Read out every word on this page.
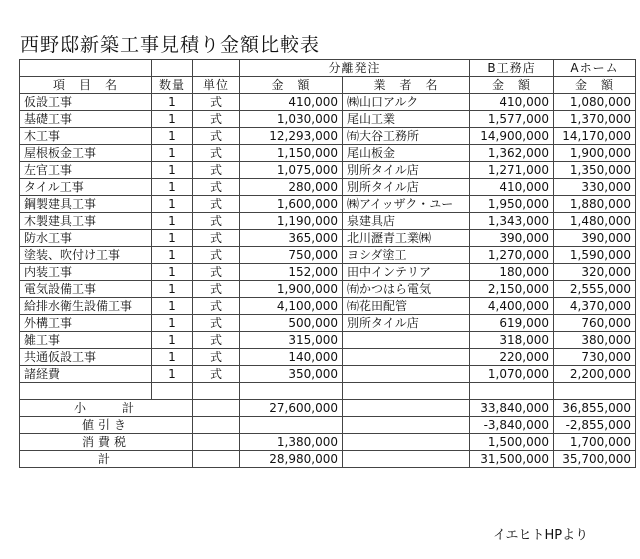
西野邸新築工事見積り金額比較表
			分離発注		B工務店	Aホーム
項　目　名	数量	単位	金　額	業　者　名	金　額	金　額
仮設工事	1	式	410,000	㈱山口アルク	410,000	1,080,000
基礎工事	1	式	1,030,000	尾山工業	1,577,000	1,370,000
木工事	1	式	12,293,000	㈲大谷工務所	14,900,000	14,170,000
屋根板金工事	1	式	1,150,000	尾山板金	1,362,000	1,900,000
左官工事	1	式	1,075,000	別所タイル店	1,271,000	1,350,000
タイル工事	1	式	280,000	別所タイル店	410,000	330,000
鋼製建具工事	1	式	1,600,000	㈱アイッザク・ユー	1,950,000	1,880,000
木製建具工事	1	式	1,190,000	泉建具店	1,343,000	1,480,000
防水工事	1	式	365,000	北川瀝青工業㈱	390,000	390,000
塗装、吹付け工事	1	式	750,000	ヨシダ塗工	1,270,000	1,590,000
内装工事	1	式	152,000	田中インテリア	180,000	320,000
電気設備工事	1	式	1,900,000	㈲かつはら電気	2,150,000	2,555,000
給排水衛生設備工事	1	式	4,100,000	㈲花田配管	4,400,000	4,370,000
外構工事	1	式	500,000	別所タイル店	619,000	760,000
雑工事	1	式	315,000		318,000	380,000
共通仮設工事	1	式	140,000		220,000	730,000
諸経費	1	式	350,000		1,070,000	2,200,000

小　　計			27,600,000		33,840,000	36,855,000
値引き					-3,840,000	-2,855,000
消費税			1,380,000		1,500,000	1,700,000
計			28,980,000		31,500,000	35,700,000
イエヒトHPより
